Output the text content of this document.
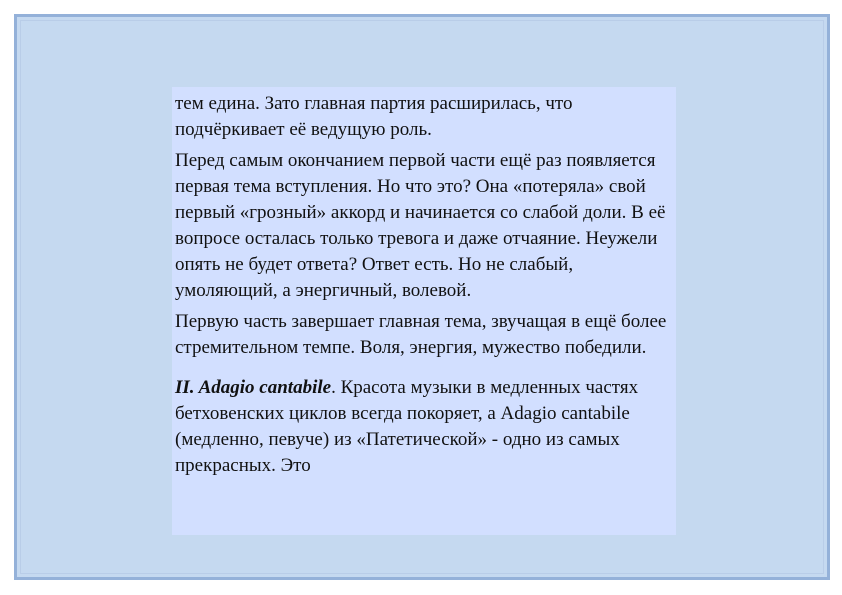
тем едина. Зато главная партия расширилась, что подчёркивает её ведущую роль.

Перед самым окончанием первой части ещё раз появляется первая тема вступления. Но что это? Она «потеряла» свой первый «грозный» аккорд и начинается со слабой доли. В её вопросе осталась только тревога и даже отчаяние. Неужели опять не будет ответа? Ответ есть. Но не слабый, умоляющий, а энергичный, волевой.

Первую часть завершает главная тема, звучащая в ещё более стремительном темпе. Воля, энергия, мужество победили.

II. Adagio cantabile. Красота музыки в медленных частях бетховенских циклов всегда покоряет, а Adagio cantabile (медленно, певуче) из «Патетической» - одно из самых прекрасных. Это
